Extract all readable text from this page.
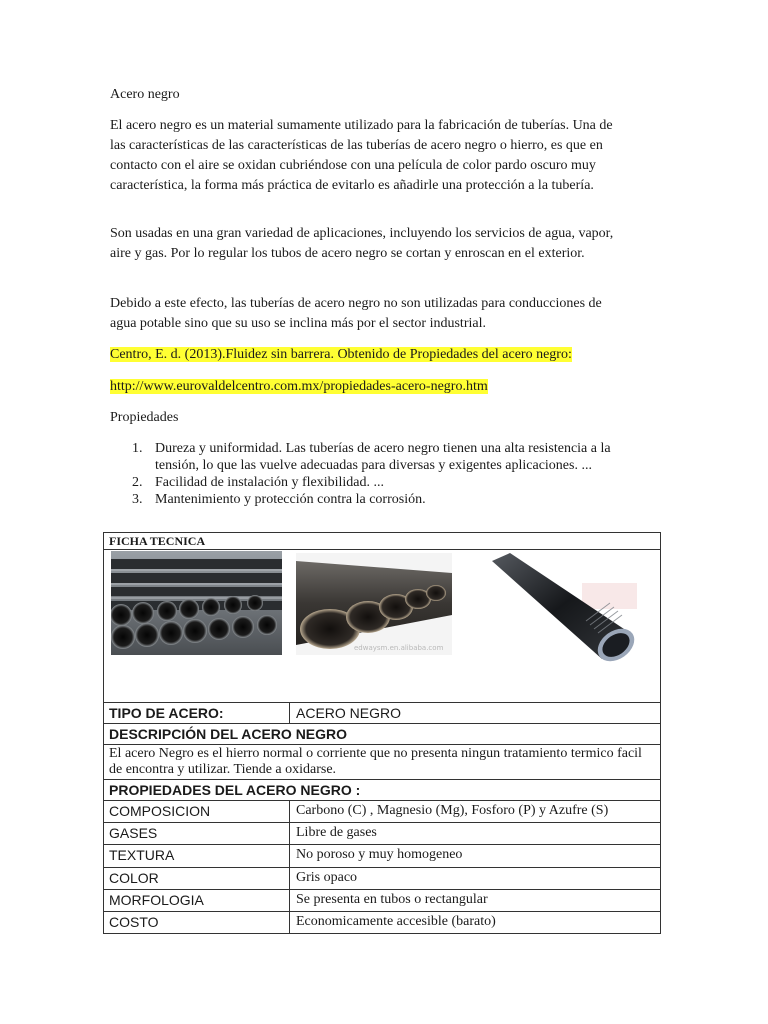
Acero negro

El acero negro es un material sumamente utilizado para la fabricación de tuberías. Una de las características de las características de las tuberías de acero negro o hierro, es que en contacto con el aire se oxidan cubriéndose con una película de color pardo oscuro muy característica, la forma más práctica de evitarlo es añadirle una protección a la tubería.

Son usadas en una gran variedad de aplicaciones, incluyendo los servicios de agua, vapor, aire y gas. Por lo regular los tubos de acero negro se cortan y enroscan en el exterior.

Debido a este efecto, las tuberías de acero negro no son utilizadas para conducciones de agua potable sino que su uso se inclina más por el sector industrial.

Centro, E. d. (2013).Fluidez sin barrera. Obtenido de Propiedades del acero negro:

http://www.eurovaldelcentro.com.mx/propiedades-acero-negro.htm

Propiedades

1. Dureza y uniformidad. Las tuberías de acero negro tienen una alta resistencia a la tensión, lo que las vuelve adecuadas para diversas y exigentes aplicaciones. ...
2. Facilidad de instalación y flexibilidad. ...
3. Mantenimiento y protección contra la corrosión.
FICHA TECNICA
edwaysm.en.alibaba.com
TIPO DE ACERO:	ACERO NEGRO
DESCRIPCIÓN DEL ACERO NEGRO
El acero Negro es el hierro normal o corriente que no presenta ningun tratamiento termico facil de encontra y utilizar. Tiende a oxidarse.
PROPIEDADES DEL ACERO NEGRO :
COMPOSICION	Carbono (C) , Magnesio (Mg), Fosforo (P) y Azufre (S)
GASES	Libre de gases
TEXTURA	No poroso y muy homogeneo
COLOR	Gris opaco
MORFOLOGIA	Se presenta en tubos o rectangular
COSTO	Economicamente accesible (barato)
